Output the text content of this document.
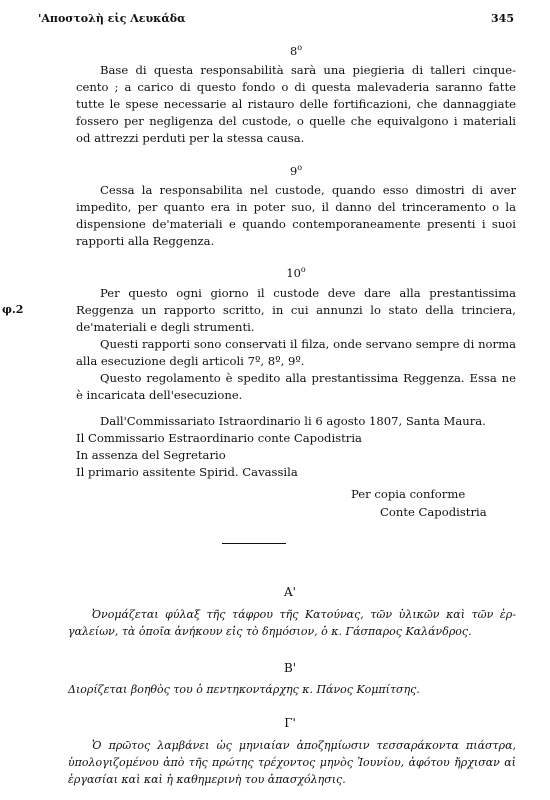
'Αποστολὴ εἰς Λευκάδα	345
8$^o$

Base di questa responsabilità sarà una piegieria di talleri cinque-cento ; a carico di questo fondo o di questa malevaderia saranno fatte tutte le spese necessarie al ristauro delle fortificazioni, che dannaggiate fossero per negligenza del custode, o quelle che equivalgono i materiali od attrezzi perduti per la stessa causa.

9$^o$

Cessa la responsabilita nel custode, quando esso dimostri di aver impedito, per quanto era in poter suo, il danno del trinceramento o la dispensione de'materiali e quando contemporaneamente presenti i suoi rapporti alla Reggenza.

10$^o$
φ.2

Per questo ogni giorno il custode deve dare alla prestantissima Reggenza un rapporto scritto, in cui annunzi lo stato della trinciera, de'materiali e degli strumenti.

Questi rapporti sono conservati il filza, onde servano sempre di norma alla esecuzione degli articoli 7º, 8º, 9º.

Questo regolamento è spedito alla prestantissima Reggenza. Essa ne è incaricata dell'esecuzione.

Dall'Commissariato Istraordinario li 6 agosto 1807, Santa Maura.
Il Commissario Estraordinario conte Capodistria
In assenza del Segretario
Il primario assitente Spirid. Cavassila
Per copia conforme
Conte Capodistria
A'

Ὀνομάζεται φύλαξ τῆς τάφρου τῆς Κατούνας, τῶν ὑλικῶν καὶ τῶν ἐρ-γαλείων, τὰ ὁποῖα ἀνήκουν εἰς τὸ δημόσιον, ὁ κ. Γάσπαρος Καλάνδρος.

B'

Διορίζεται βοηθὸς του ὁ πεντηκοντάρχης κ. Πάνος Κομπίτσης.

Γ'

Ὁ πρῶτος λαμβάνει ὡς μηνιαίαν ἀποζημίωσιν τεσσαράκοντα πιάστρα, ὑπολογιζομένου ἀπὸ τῆς πρώτης τρέχοντος μηνὸς Ἰουνίου, ἀφότου ἤρχισαν αἱ ἐργασίαι καὶ καὶ ἡ καθημερινὴ του ἀπασχόλησις.
